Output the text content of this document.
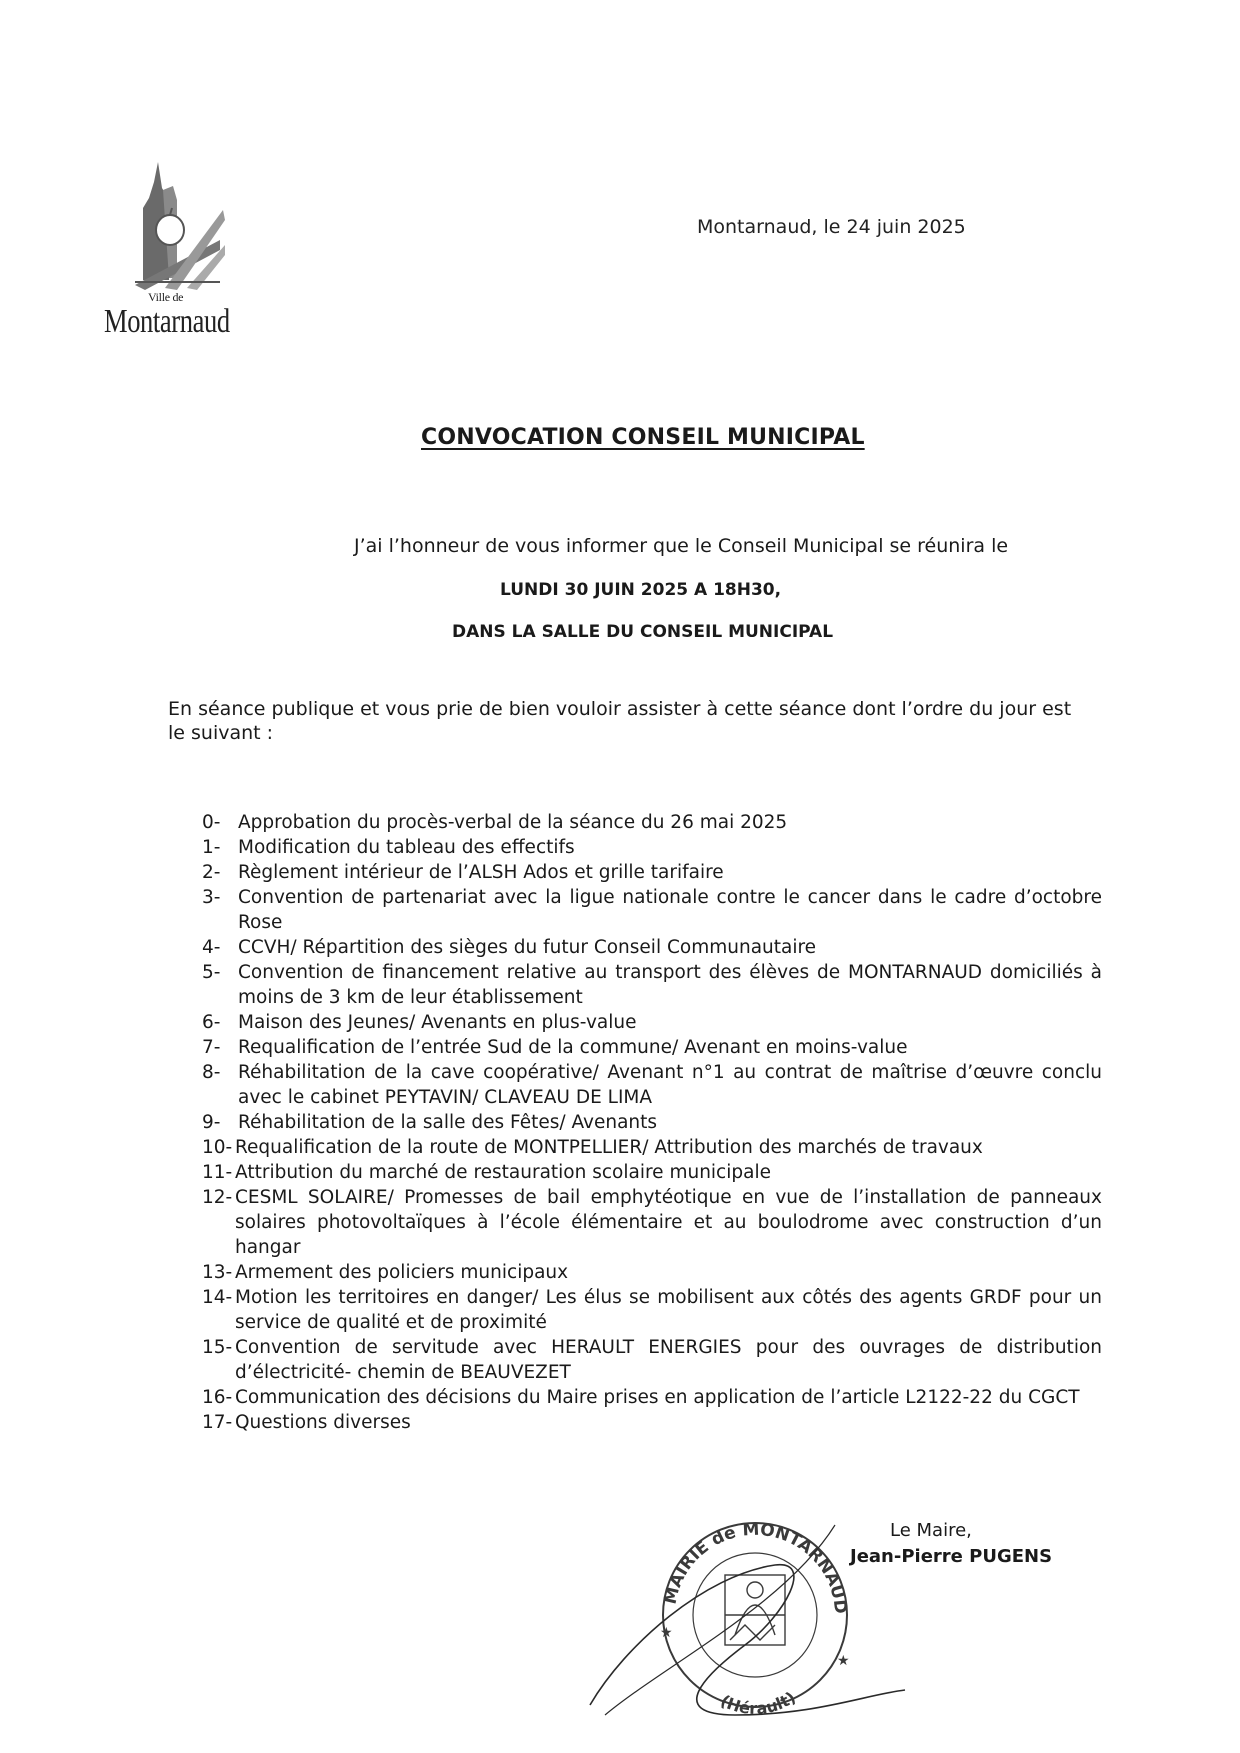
Ville de
Montarnaud
Montarnaud, le 24 juin 2025
CONVOCATION CONSEIL MUNICIPAL
J’ai l’honneur de vous informer que le Conseil Municipal se réunira le
LUNDI 30 JUIN 2025 A 18H30,
DANS LA SALLE DU CONSEIL MUNICIPAL
En séance publique et vous prie de bien vouloir assister à cette séance dont l’ordre du jour est le suivant :
0- Approbation du procès-verbal de la séance du 26 mai 2025
1- Modification du tableau des effectifs
2- Règlement intérieur de l’ALSH Ados et grille tarifaire
3- Convention de partenariat avec la ligue nationale contre le cancer dans le cadre d’octobre Rose
4- CCVH/ Répartition des sièges du futur Conseil Communautaire
5- Convention de financement relative au transport des élèves de MONTARNAUD domiciliés à moins de 3 km de leur établissement
6- Maison des Jeunes/ Avenants en plus-value
7- Requalification de l’entrée Sud de la commune/ Avenant en moins-value
8- Réhabilitation de la cave coopérative/ Avenant n°1 au contrat de maîtrise d’œuvre conclu avec le cabinet PEYTAVIN/ CLAVEAU DE LIMA
9- Réhabilitation de la salle des Fêtes/ Avenants
10- Requalification de la route de MONTPELLIER/ Attribution des marchés de travaux
11- Attribution du marché de restauration scolaire municipale
12- CESML SOLAIRE/ Promesses de bail emphytéotique en vue de l’installation de panneaux solaires photovoltaïques à l’école élémentaire et au boulodrome avec construction d’un hangar
13- Armement des policiers municipaux
14- Motion les territoires en danger/ Les élus se mobilisent aux côtés des agents GRDF pour un service de qualité et de proximité
15- Convention de servitude avec HERAULT ENERGIES pour des ouvrages de distribution d’électricité- chemin de BEAUVEZET
16- Communication des décisions du Maire prises en application de l’article L2122-22 du CGCT
17- Questions diverses
MAIRIE de MONTARNAUD
(Hérault)
★
★
Le Maire,
Jean-Pierre PUGENS
